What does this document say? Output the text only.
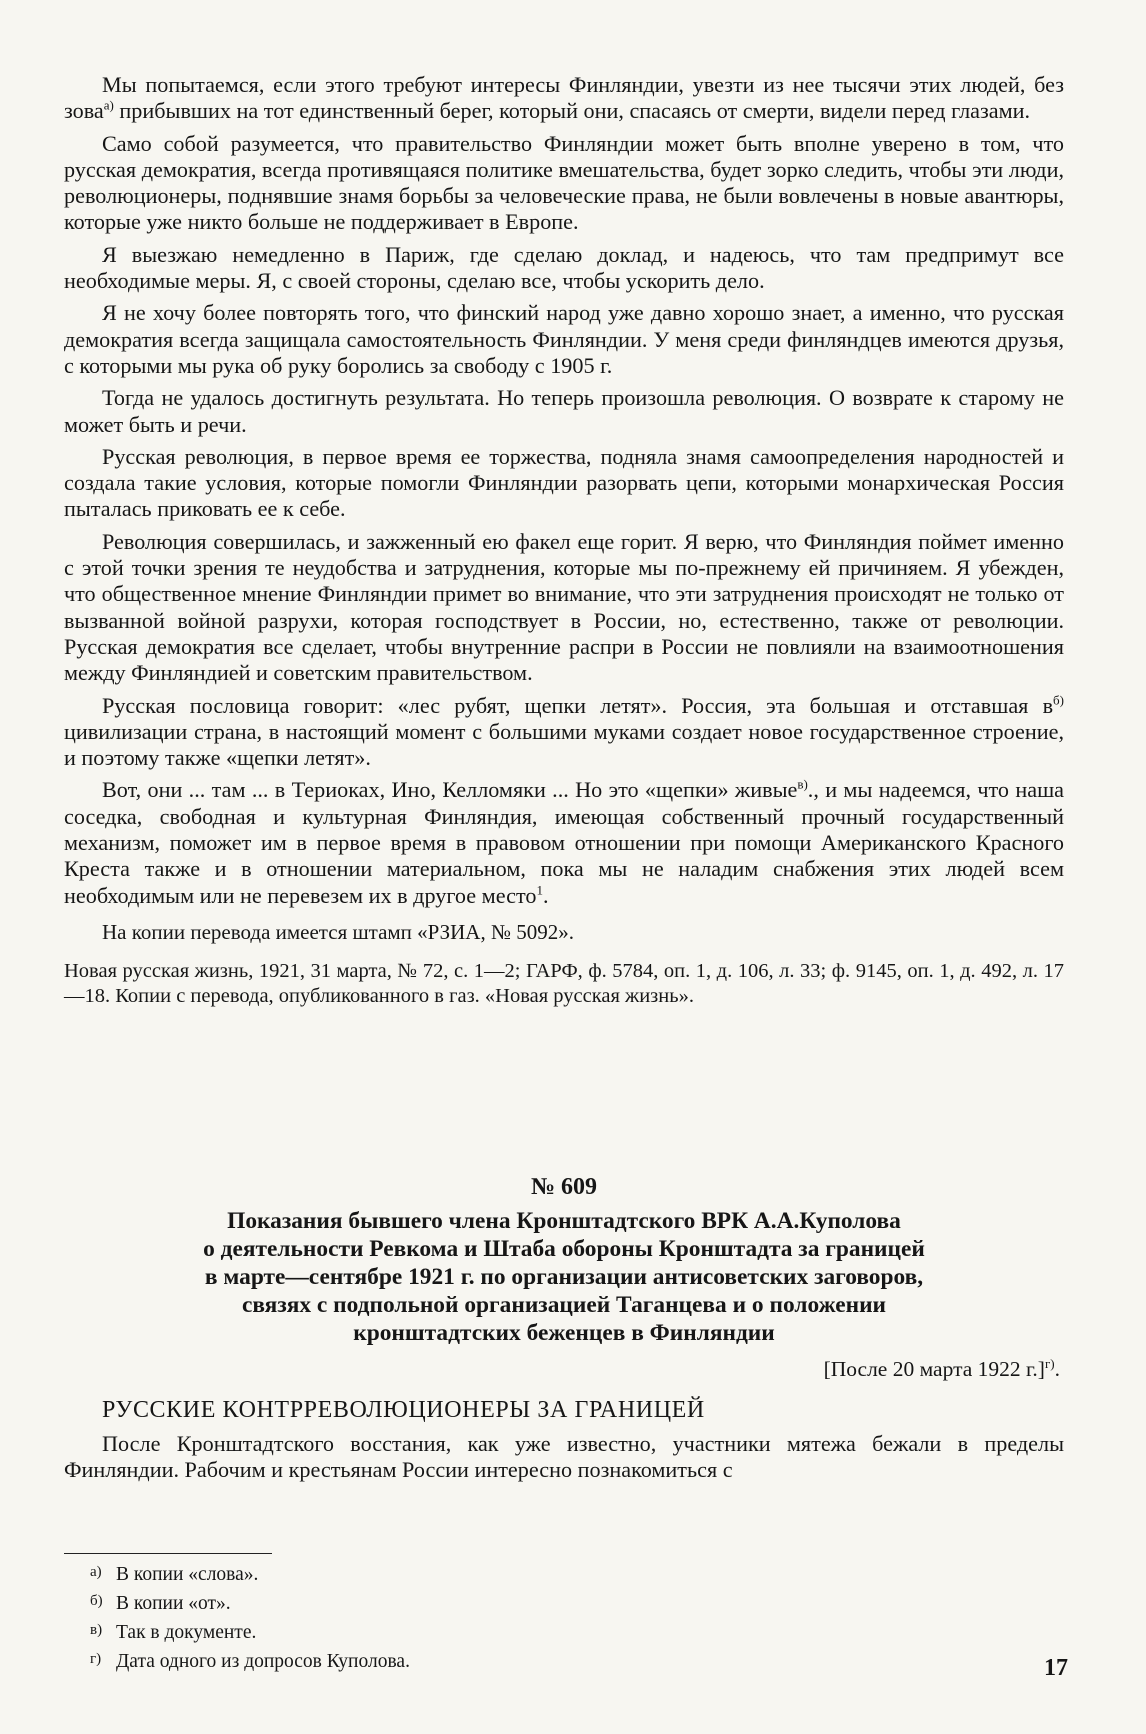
Мы попытаемся, если этого требуют интересы Финляндии, увезти из нее тысячи этих людей, без зова$^{а)}$ прибывших на тот единственный берег, который они, спасаясь от смерти, видели перед глазами.

Само собой разумеется, что правительство Финляндии может быть вполне уверено в том, что русская демократия, всегда противящаяся политике вмешательства, будет зорко следить, чтобы эти люди, революционеры, поднявшие знамя борьбы за человеческие права, не были вовлечены в новые авантюры, которые уже никто больше не поддерживает в Европе.

Я выезжаю немедленно в Париж, где сделаю доклад, и надеюсь, что там предпримут все необходимые меры. Я, с своей стороны, сделаю все, чтобы ускорить дело.

Я не хочу более повторять того, что финский народ уже давно хорошо знает, а именно, что русская демократия всегда защищала самостоятельность Финляндии. У меня среди финляндцев имеются друзья, с которыми мы рука об руку боролись за свободу с 1905 г.

Тогда не удалось достигнуть результата. Но теперь произошла революция. О возврате к старому не может быть и речи.

Русская революция, в первое время ее торжества, подняла знамя самоопределения народностей и создала такие условия, которые помогли Финляндии разорвать цепи, которыми монархическая Россия пыталась приковать ее к себе.

Революция совершилась, и зажженный ею факел еще горит. Я верю, что Финляндия поймет именно с этой точки зрения те неудобства и затруднения, которые мы по-прежнему ей причиняем. Я убежден, что общественное мнение Финляндии примет во внимание, что эти затруднения происходят не только от вызванной войной разрухи, которая господствует в России, но, естественно, также от революции. Русская демократия все сделает, чтобы внутренние распри в России не повлияли на взаимоотношения между Финляндией и советским правительством.

Русская пословица говорит: «лес рубят, щепки летят». Россия, эта большая и отставшая $в^{б)}$ цивилизации страна, в настоящий момент с большими муками создает новое государственное строение, и поэтому также «щепки летят».

Вот, они ... там ... в Териоках, Ино, Келломяки ... Но это «щепки» живые$^{в)}$., и мы надеемся, что наша соседка, свободная и культурная Финляндия, имеющая собственный прочный государственный механизм, поможет им в первое время в правовом отношении при помощи Американского Красного Креста также и в отношении материальном, пока мы не наладим снабжения этих людей всем необходимым или не перевезем их в другое место$^1$.

На копии перевода имеется штамп «РЗИА, № 5092».

Новая русская жизнь, 1921, 31 марта, № 72, с. 1—2; ГАРФ, ф. 5784, оп. 1, д. 106, л. 33; ф. 9145, оп. 1, д. 492, л. 17—18. Копии с перевода, опубликованного в газ. «Новая русская жизнь».

№ 609

Показания бывшего члена Кронштадтского ВРК А.А.Куполова

о деятельности Ревкома и Штаба обороны Кронштадта за границей

в марте—сентябре 1921 г. по организации антисоветских заговоров,

связях с подпольной организацией Таганцева и о положении

кронштадтских беженцев в Финляндии

[После 20 марта 1922 г.]$^{г)}$.

РУССКИЕ КОНТРРЕВОЛЮЦИОНЕРЫ ЗА ГРАНИЦЕЙ

После Кронштадтского восстания, как уже известно, участники мятежа бежали в пределы Финляндии. Рабочим и крестьянам России интересно познакомиться с

а) В копии «слова».

б) В копии «от».

в) Так в документе.

г) Дата одного из допросов Куполова.	17
